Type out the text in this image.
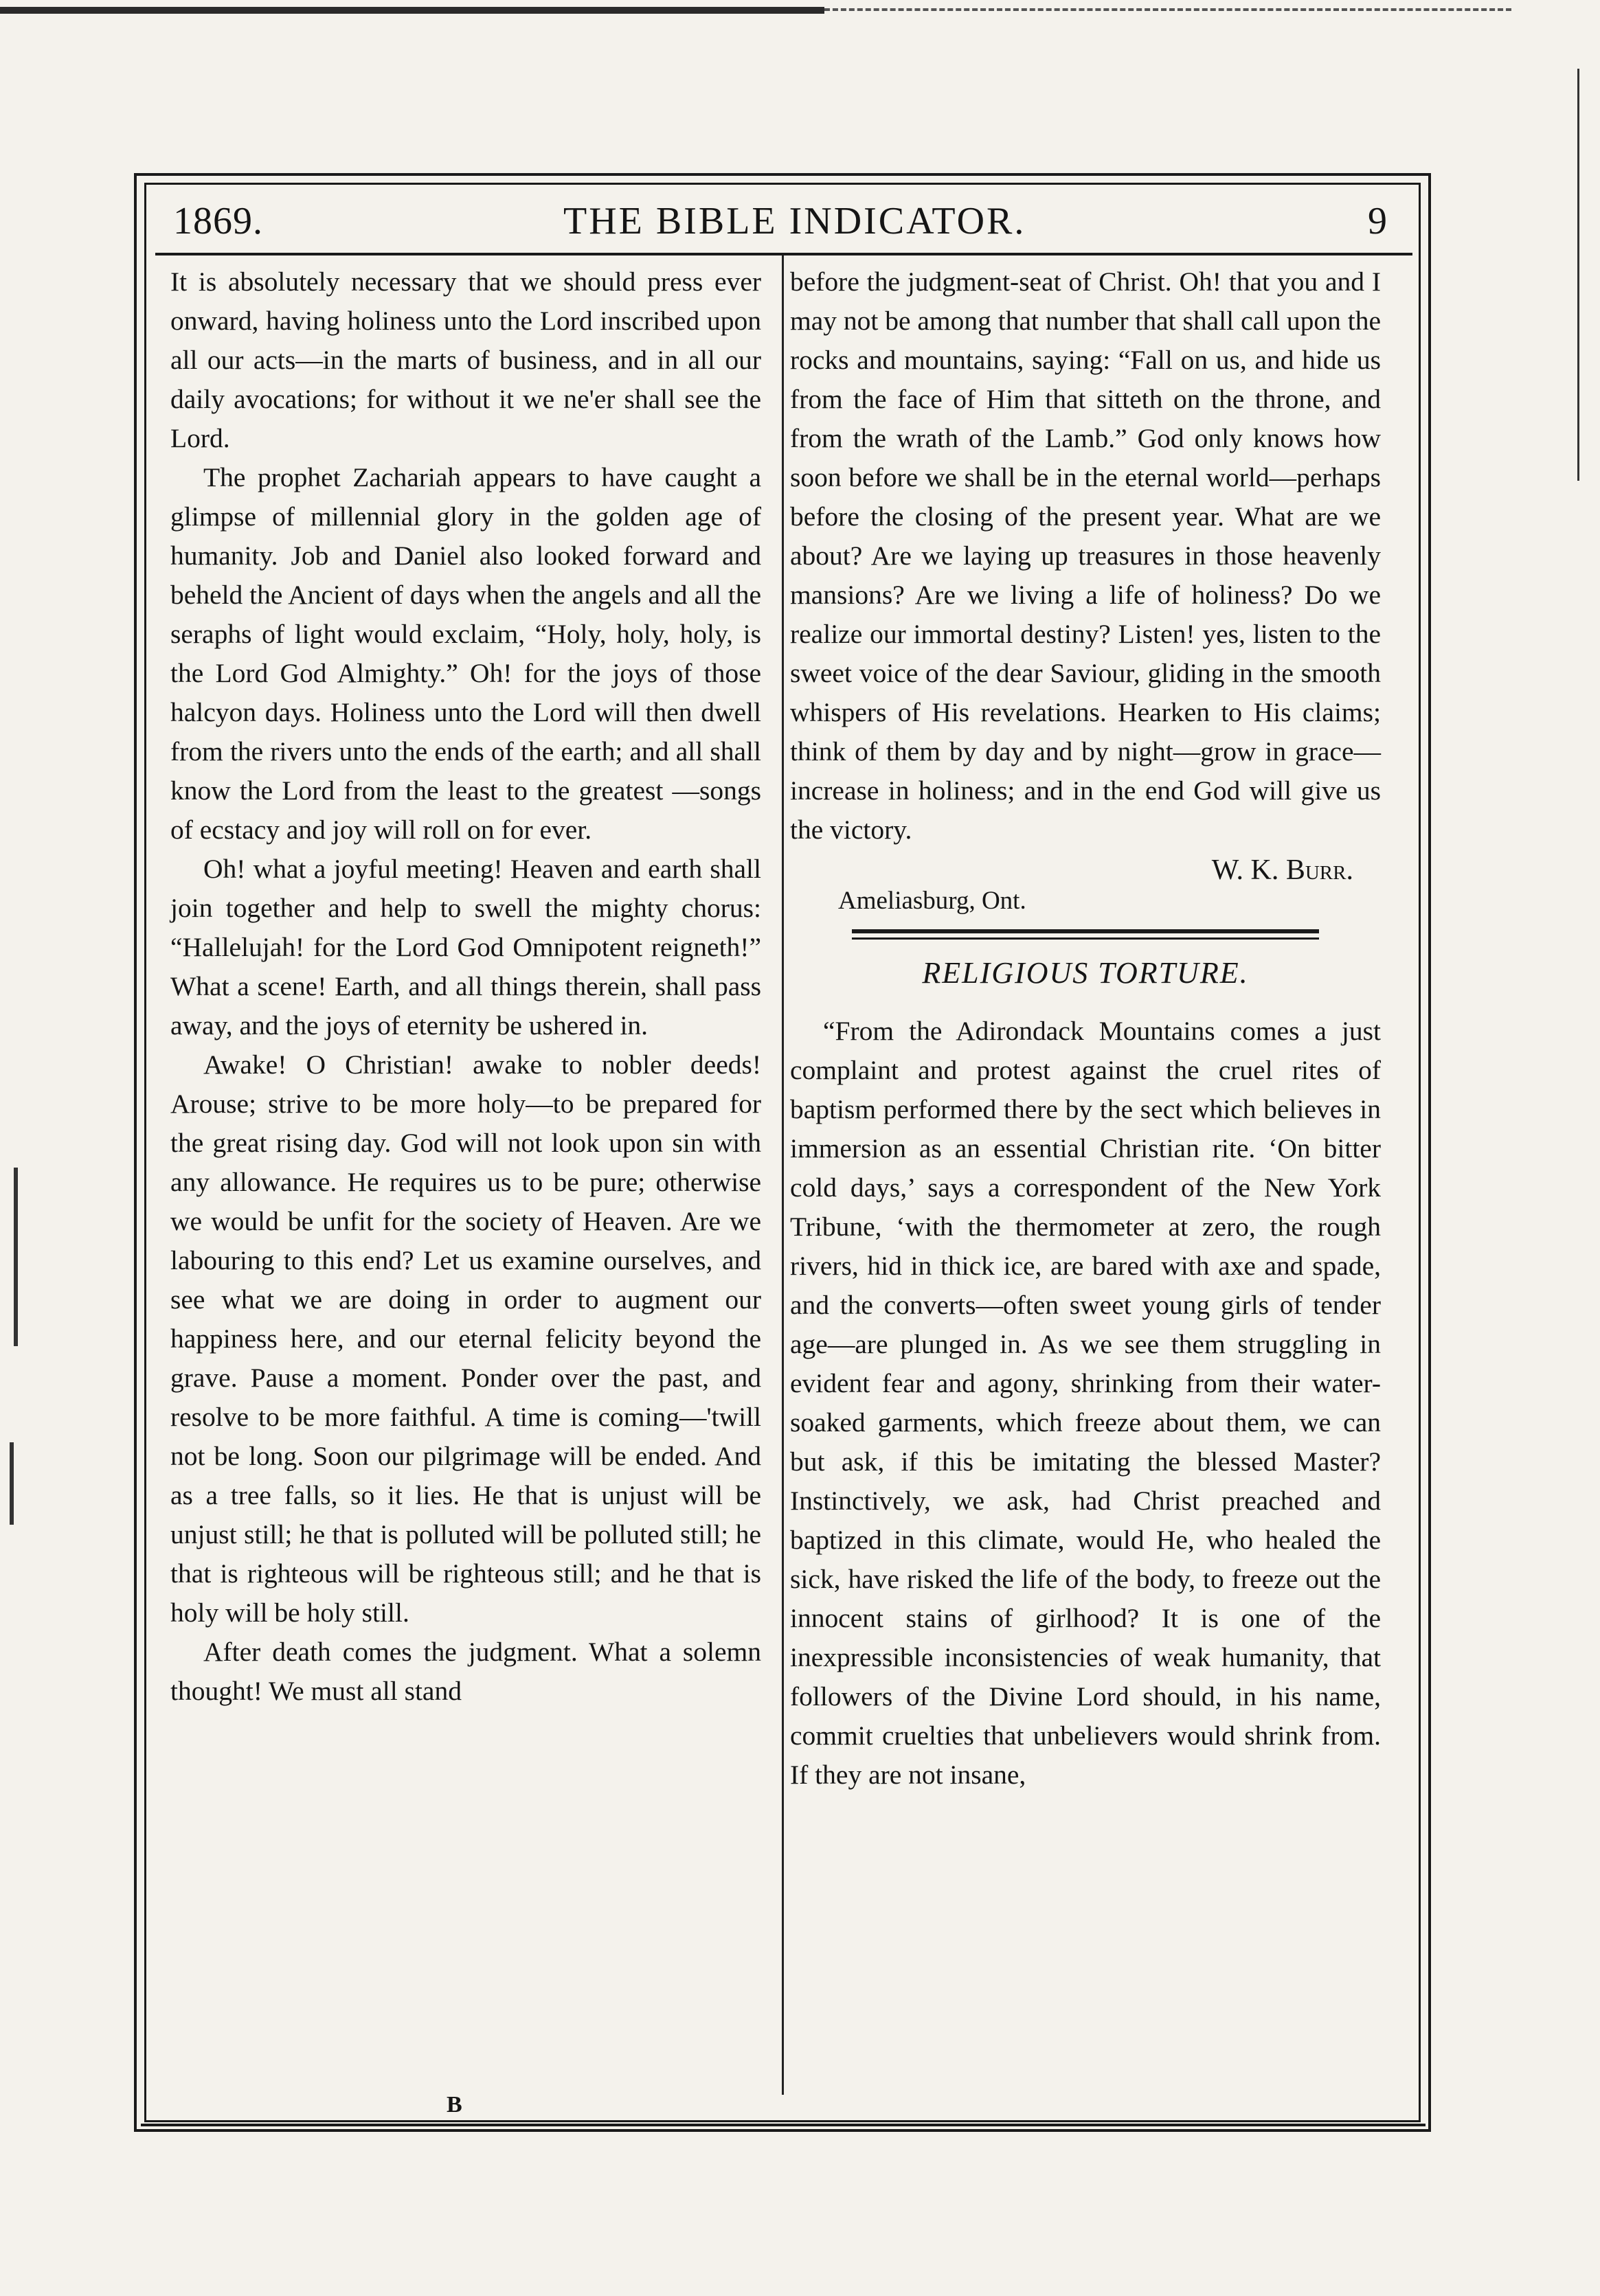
1869.	THE BIBLE INDICATOR.	9

It is absolutely necessary that we should press ever onward, having holiness unto the Lord inscribed upon all our acts—in the marts of business, and in all our daily avocations; for without it we ne'er shall see the Lord.

The prophet Zachariah appears to have caught a glimpse of millennial glory in the golden age of humanity. Job and Daniel also looked forward and beheld the Ancient of days when the angels and all the seraphs of light would exclaim, “Holy, holy, holy, is the Lord God Almighty.” Oh! for the joys of those halcyon days. Holiness unto the Lord will then dwell from the rivers unto the ends of the earth; and all shall know the Lord from the least to the greatest —songs of ecstacy and joy will roll on for ever.

Oh! what a joyful meeting! Heaven and earth shall join together and help to swell the mighty chorus: “Hallelujah! for the Lord God Omnipotent reigneth!” What a scene! Earth, and all things therein, shall pass away, and the joys of eternity be ushered in.

Awake! O Christian! awake to nobler deeds! Arouse; strive to be more holy—to be prepared for the great rising day. God will not look upon sin with any allowance. He requires us to be pure; otherwise we would be unfit for the society of Heaven. Are we labouring to this end? Let us examine ourselves, and see what we are doing in order to augment our happiness here, and our eternal felicity beyond the grave. Pause a moment. Ponder over the past, and resolve to be more faithful. A time is coming—'twill not be long. Soon our pilgrimage will be ended. And as a tree falls, so it lies. He that is unjust will be unjust still; he that is polluted will be polluted still; he that is righteous will be righteous still; and he that is holy will be holy still.

After death comes the judgment. What a solemn thought! We must all stand

before the judgment-seat of Christ. Oh! that you and I may not be among that number that shall call upon the rocks and mountains, saying: “Fall on us, and hide us from the face of Him that sitteth on the throne, and from the wrath of the Lamb.” God only knows how soon before we shall be in the eternal world—perhaps before the closing of the present year. What are we about? Are we laying up treasures in those heavenly mansions? Are we living a life of holiness? Do we realize our immortal destiny? Listen! yes, listen to the sweet voice of the dear Saviour, gliding in the smooth whispers of His revelations. Hearken to His claims; think of them by day and by night—grow in grace—increase in holiness; and in the end God will give us the victory.

W. K. Burr.
Ameliasburg, Ont.
RELIGIOUS TORTURE.

“From the Adirondack Mountains comes a just complaint and protest against the cruel rites of baptism performed there by the sect which believes in immersion as an essential Christian rite. ‘On bitter cold days,’ says a correspondent of the New York Tribune, ‘with the thermometer at zero, the rough rivers, hid in thick ice, are bared with axe and spade, and the converts—often sweet young girls of tender age—are plunged in. As we see them struggling in evident fear and agony, shrinking from their water-soaked garments, which freeze about them, we can but ask, if this be imitating the blessed Master? Instinctively, we ask, had Christ preached and baptized in this climate, would He, who healed the sick, have risked the life of the body, to freeze out the innocent stains of girlhood? It is one of the inexpressible inconsistencies of weak humanity, that followers of the Divine Lord should, in his name, commit cruelties that unbelievers would shrink from. If they are not insane,

B
